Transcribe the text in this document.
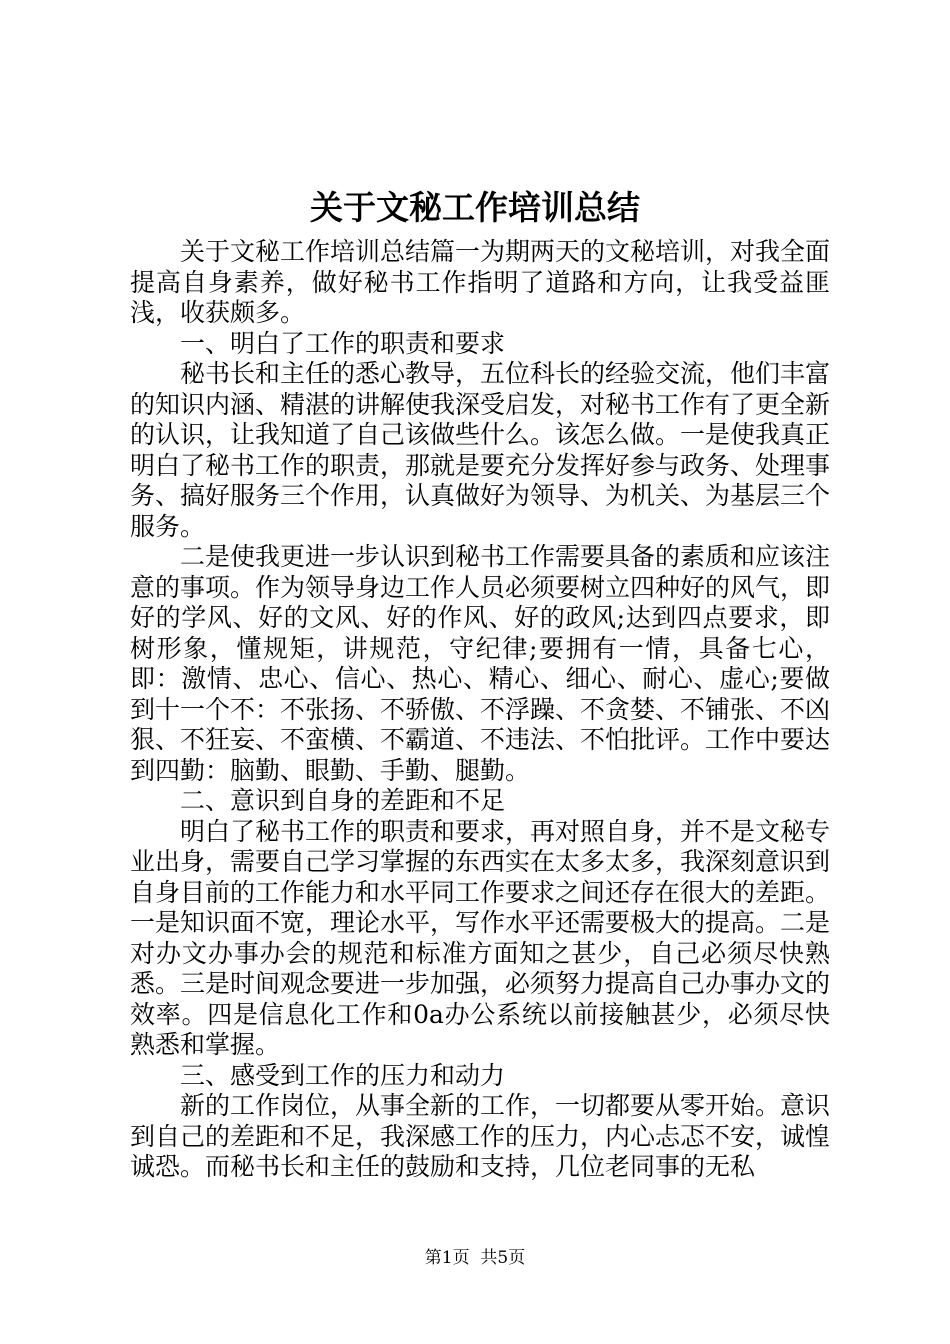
关于文秘工作培训总结

关于文秘工作培训总结篇一为期两天的文秘培训，对我全面提高自身素养，做好秘书工作指明了道路和方向，让我受益匪浅，收获颇多。

一、明白了工作的职责和要求

秘书长和主任的悉心教导，五位科长的经验交流，他们丰富的知识内涵、精湛的讲解使我深受启发，对秘书工作有了更全新的认识，让我知道了自己该做些什么。该怎么做。一是使我真正明白了秘书工作的职责，那就是要充分发挥好参与政务、处理事务、搞好服务三个作用，认真做好为领导、为机关、为基层三个服务。

二是使我更进一步认识到秘书工作需要具备的素质和应该注意的事项。作为领导身边工作人员必须要树立四种好的风气，即好的学风、好的文风、好的作风、好的政风;达到四点要求，即树形象，懂规矩，讲规范，守纪律;要拥有一情，具备七心，即：激情、忠心、信心、热心、精心、细心、耐心、虚心;要做到十一个不：不张扬、不骄傲、不浮躁、不贪婪、不铺张、不凶狠、不狂妄、不蛮横、不霸道、不违法、不怕批评。工作中要达到四勤：脑勤、眼勤、手勤、腿勤。

二、意识到自身的差距和不足

明白了秘书工作的职责和要求，再对照自身，并不是文秘专业出身，需要自己学习掌握的东西实在太多太多，我深刻意识到自身目前的工作能力和水平同工作要求之间还存在很大的差距。一是知识面不宽，理论水平，写作水平还需要极大的提高。二是对办文办事办会的规范和标准方面知之甚少，自己必须尽快熟悉。三是时间观念要进一步加强，必须努力提高自己办事办文的效率。四是信息化工作和0a办公系统以前接触甚少，必须尽快熟悉和掌握。

三、感受到工作的压力和动力

新的工作岗位，从事全新的工作，一切都要从零开始。意识到自己的差距和不足，我深感工作的压力，内心忐忑不安，诚惶诚恐。而秘书长和主任的鼓励和支持，几位老同事的无私

第1页  共5页
